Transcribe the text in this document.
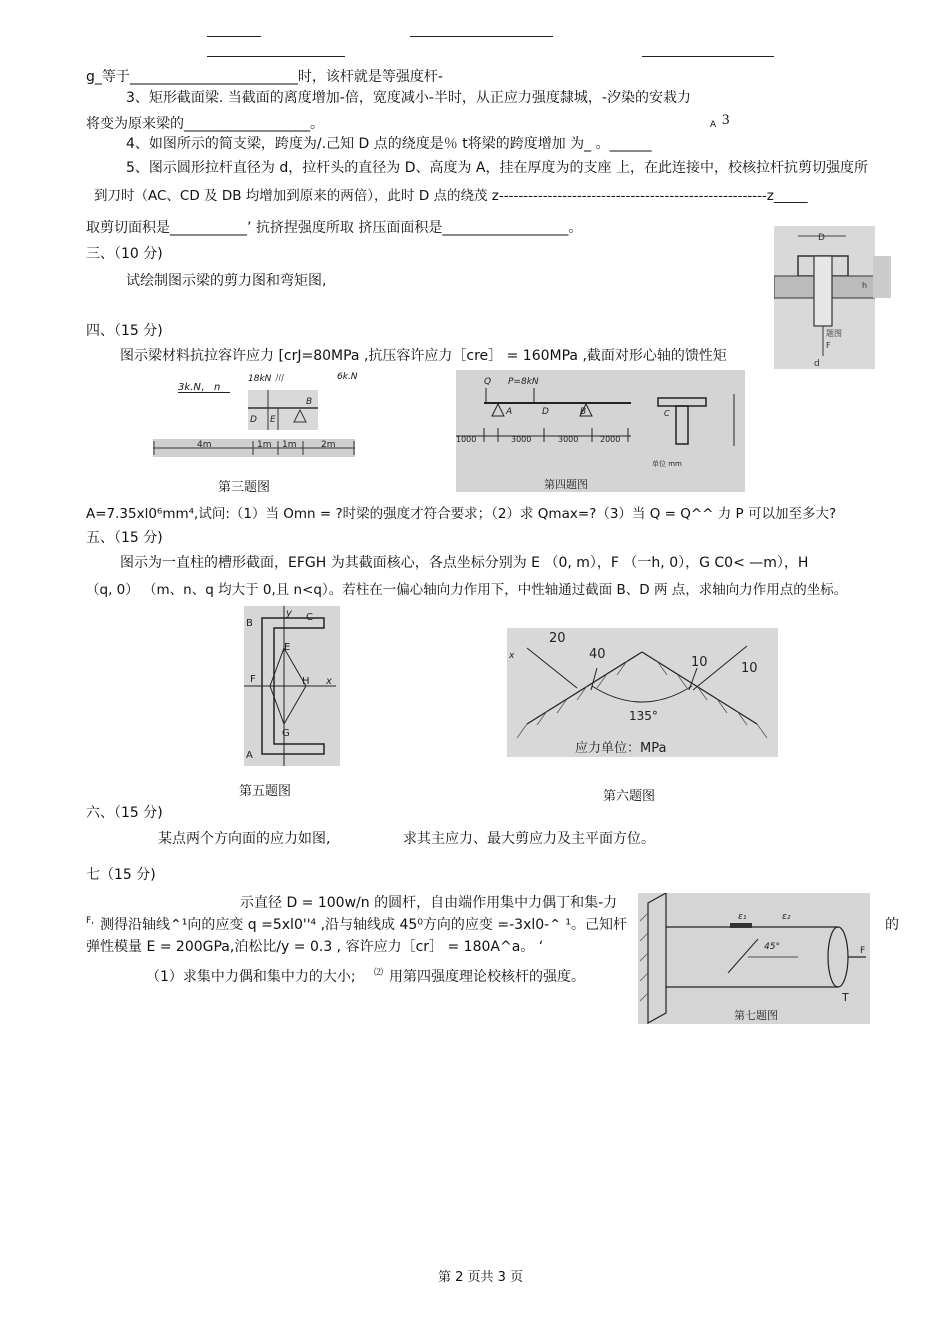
g_等于________________________时，该杆就是等强度杆-
3、矩形截面梁. 当截面的离度增加-倍，宽度减小-半时，从正应力强度隸城，-汐染的安栽力
将变为原来梁的__________________。	A 3
4、如图所示的简支梁，跨度为/.己知 D 点的绕度是％ t将梁的跨度增加 为_ 。______
5、图示圆形拉杆直径为 d，拉杆头的直径为 D、高度为 A，挂在厚度为的支座 上，在此连接中，校核拉杆抗剪切强度所
到刀时（AC、CD 及 DB 均增加到原来的两倍），此时 D 点的绕茂 z-------------------------------------------------------z_____
取剪切面积是___________’ 抗挤捏强度所取 挤压面面积是__________________。
三、（10 分)
试绘制图示梁的剪力图和弯矩图,
D
F
d
h
题图
四、（15 分)
图示梁材料抗拉容许应力 [crJ=80MPa ,抗压容许应力［cre］ = 160MPa ,截面对形心轴的馈性矩
3k.N， n
18kN 川	6k.N
D E
B
4m	1m 1m	2m
第三题图
Q P=8kN
A	D	B
1000	3000	3000	2000
C
单位 mm
第四题图
A=7.35xl0⁶mm⁴,试问:（1）当 Omn = ?时梁的强度才符合要求；（2）求 Qmax=?（3）当 Q = Q^^ 力 P 可以加至多大?
五、（15 分)
图示为一直柱的槽形截面，EFGH 为其截面核心，各点坐标分别为 E （0, m），F （一h, 0），G C0< —m），H
（q, 0） （m、n、q 均大于 0,且 n<q）。若柱在一偏心轴向力作用下，中性轴通过截面 B、D 两 点，求轴向力作用点的坐标。
B
y C
E
F	H x
G
A
第五题图
x
20
40
10	10
135°
应力单位：MPa
第六题图
六、（15 分)
某点两个方向面的应力如图,	求其主应力、最大剪应力及主平面方位。
七（15 分)
示直径 D = 100w/n 的圆杆，自由端作用集中力偶丁和集-力
F, 测得沿轴线⌃¹向的应变 q =5xl0''⁴ ,沿与轴线成 45⁰方向的应变 =-3xl0-⌃ ¹。己知杆	的
弹性模量 E = 200GPa,泊松比/y = 0.3 , 容许应力［cr］ = 180A^a。 ‘
（1）求集中力偶和集中力的大小; ⑵ 用第四强度理论校核杆的强度。
ε₁	ε₂
45°	F
T
第七题图
第 2 页共 3 页
